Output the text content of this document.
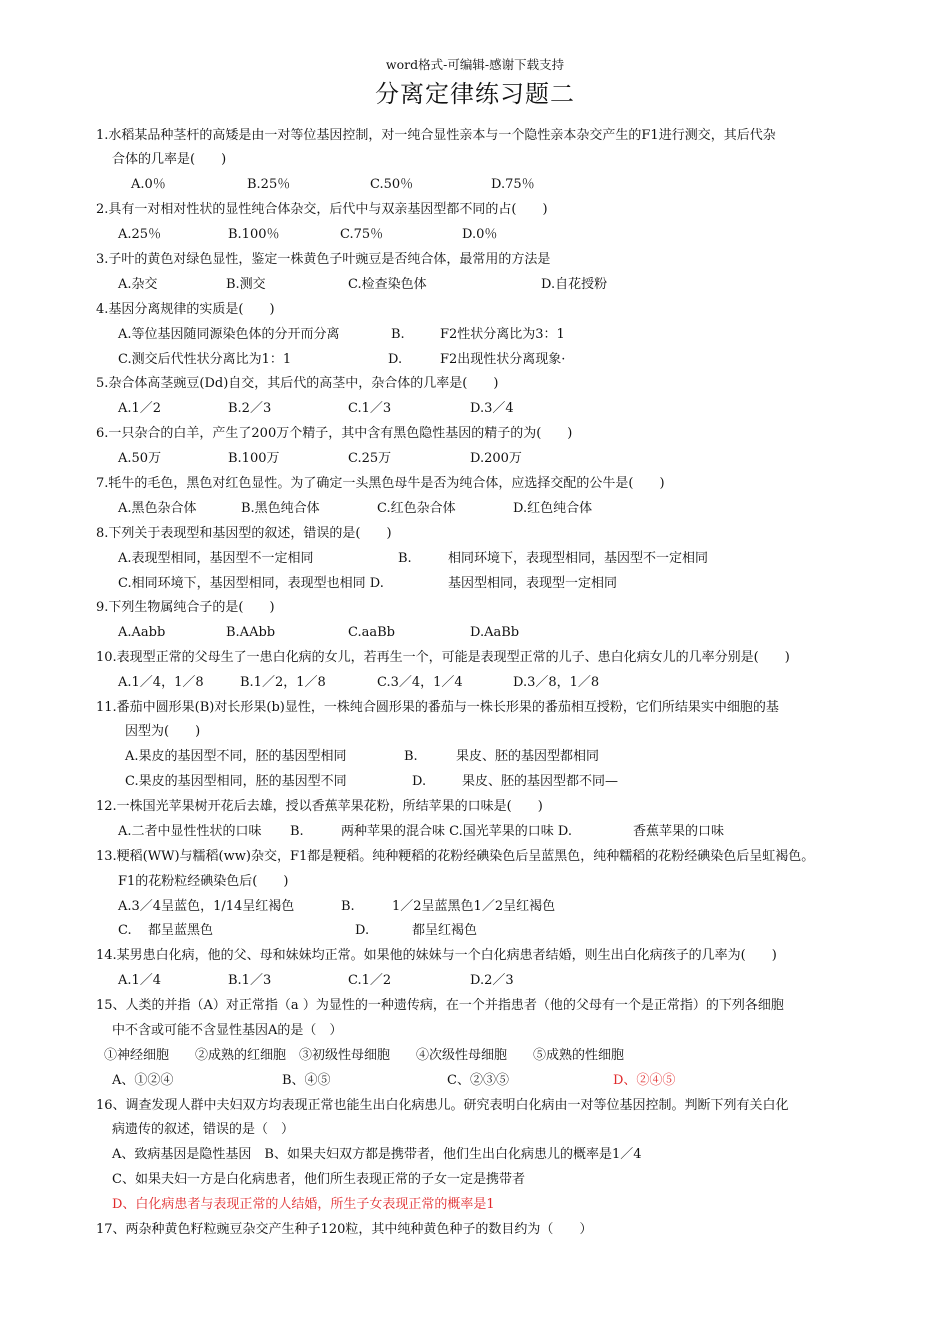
word格式-可编辑-感谢下载支持
分离定律练习题二
1.水稻某品种茎杆的高矮是由一对等位基因控制，对一纯合显性亲本与一个隐性亲本杂交产生的F1进行测交，其后代杂
合体的几率是(　　)
A.0％	B.25％	C.50％	D.75％
2.具有一对相对性状的显性纯合体杂交，后代中与双亲基因型都不同的占(　　)
A.25％	B.100％	C.75％	D.0％
3.子叶的黄色对绿色显性，鉴定一株黄色子叶豌豆是否纯合体，最常用的方法是
A.杂交	B.测交	C.检查染色体	D.自花授粉
4.基因分离规律的实质是(　　)
A.等位基因随同源染色体的分开而分离	B.	F2性状分离比为3：1
C.测交后代性状分离比为1：1	D.	F2出现性状分离现象·
5.杂合体高茎豌豆(Dd)自交，其后代的高茎中，杂合体的几率是(　　)
A.1／2	B.2／3	C.1／3	D.3／4
6.一只杂合的白羊，产生了200万个精子，其中含有黑色隐性基因的精子的为(　　)
A.50万	B.100万	C.25万	D.200万
7.牦牛的毛色，黑色对红色显性。为了确定一头黑色母牛是否为纯合体，应选择交配的公牛是(　　)
A.黑色杂合体	B.黑色纯合体	C.红色杂合体	D.红色纯合体
8.下列关于表现型和基因型的叙述，错误的是(　　)
A.表现型相同，基因型不一定相同	B.	相同环境下，表现型相同，基因型不一定相同
C.相同环境下，基因型相同，表现型也相同 D.	基因型相同，表现型一定相同
9.下列生物属纯合子的是(　　)
A.Aabb	B.AAbb	C.aaBb	D.AaBb
10.表现型正常的父母生了一患白化病的女儿，若再生一个，可能是表现型正常的儿子、患白化病女儿的几率分别是(　　)
A.1／4，1／8	B.1／2，1／8	C.3／4，1／4	D.3／8，1／8
11.番茄中圆形果(B)对长形果(b)显性，一株纯合圆形果的番茄与一株长形果的番茄相互授粉，它们所结果实中细胞的基
因型为(　　)
A.果皮的基因型不同，胚的基因型相同	B.	果皮、胚的基因型都相同
C.果皮的基因型相同，胚的基因型不同	D.	果皮、胚的基因型都不同—
12.一株国光苹果树开花后去雄，授以香蕉苹果花粉，所结苹果的口味是(　　)
A.二者中显性性状的口味 B.	两种苹果的混合味 C.国光苹果的口味 D.	香蕉苹果的口味
13.粳稻(WW)与糯稻(ww)杂交，F1都是粳稻。纯种粳稻的花粉经碘染色后呈蓝黑色，纯种糯稻的花粉经碘染色后呈虹褐色。
F1的花粉粒经碘染色后(　　)
A.3／4呈蓝色，1/14呈红褐色	B.	1／2呈蓝黑色1／2呈红褐色
C. 都呈蓝黑色	D.	都呈红褐色
14.某男患白化病，他的父、母和妹妹均正常。如果他的妹妹与一个白化病患者结婚，则生出白化病孩子的几率为(　　)
A.1／4	B.1／3	C.1／2	D.2／3
15、人类的并指（A）对正常指（a ）为显性的一种遗传病，在一个并指患者（他的父母有一个是正常指）的下列各细胞
中不含或可能不含显性基因A的是（　）
①神经细胞　　②成熟的红细胞　③初级性母细胞　　④次级性母细胞　　⑤成熟的性细胞
A、①②④	B、④⑤	C、②③⑤	D、②④⑤
16、调查发现人群中夫妇双方均表现正常也能生出白化病患儿。研究表明白化病由一对等位基因控制。判断下列有关白化
病遗传的叙述，错误的是（　）
A、致病基因是隐性基因　B、如果夫妇双方都是携带者，他们生出白化病患儿的概率是1／4
C、如果夫妇一方是白化病患者，他们所生表现正常的子女一定是携带者
D、白化病患者与表现正常的人结婚，所生子女表现正常的概率是1
17、两杂种黄色籽粒豌豆杂交产生种子120粒，其中纯种黄色种子的数目约为（　　）
